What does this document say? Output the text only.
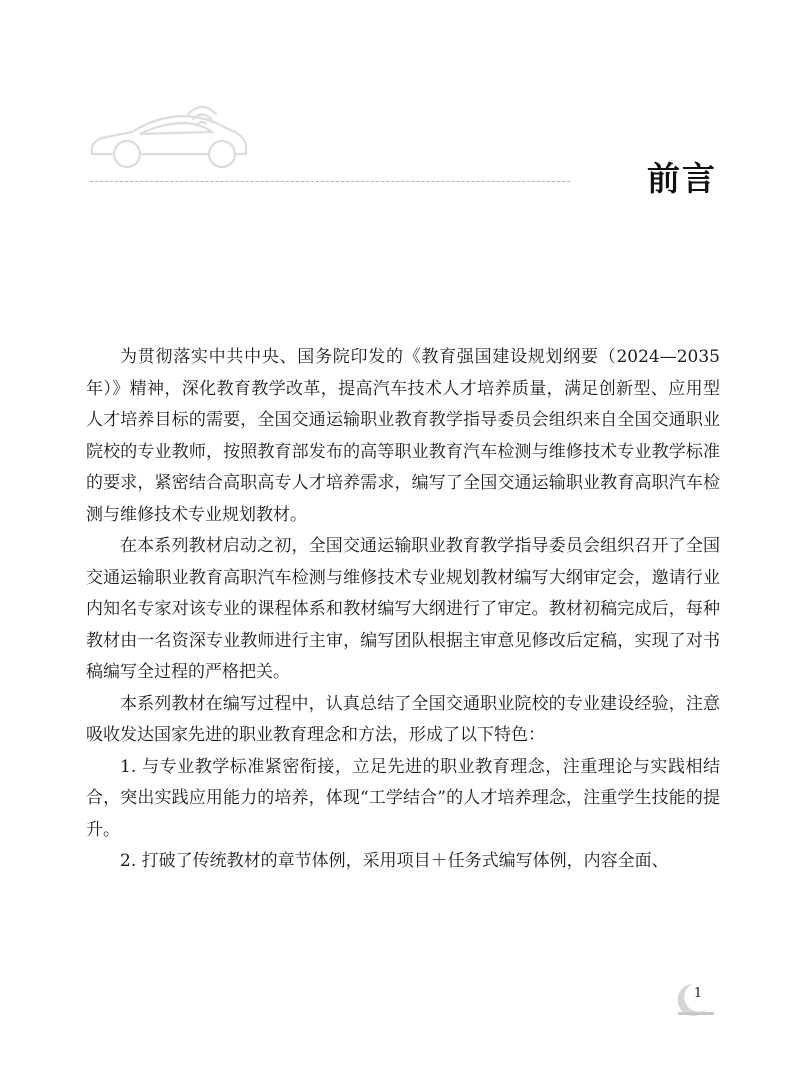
前言

为贯彻落实中共中央、国务院印发的《教育强国建设规划纲要（2024—2035年）》精神，深化教育教学改革，提高汽车技术人才培养质量，满足创新型、应用型人才培养目标的需要，全国交通运输职业教育教学指导委员会组织来自全国交通职业院校的专业教师，按照教育部发布的高等职业教育汽车检测与维修技术专业教学标准的要求，紧密结合高职高专人才培养需求，编写了全国交通运输职业教育高职汽车检测与维修技术专业规划教材。

在本系列教材启动之初，全国交通运输职业教育教学指导委员会组织召开了全国交通运输职业教育高职汽车检测与维修技术专业规划教材编写大纲审定会，邀请行业内知名专家对该专业的课程体系和教材编写大纲进行了审定。教材初稿完成后，每种教材由一名资深专业教师进行主审，编写团队根据主审意见修改后定稿，实现了对书稿编写全过程的严格把关。

本系列教材在编写过程中，认真总结了全国交通职业院校的专业建设经验，注意吸收发达国家先进的职业教育理念和方法，形成了以下特色：

1. 与专业教学标准紧密衔接，立足先进的职业教育理念，注重理论与实践相结合，突出实践应用能力的培养，体现“工学结合”的人才培养理念，注重学生技能的提升。

2. 打破了传统教材的章节体例，采用项目＋任务式编写体例，内容全面、

1
